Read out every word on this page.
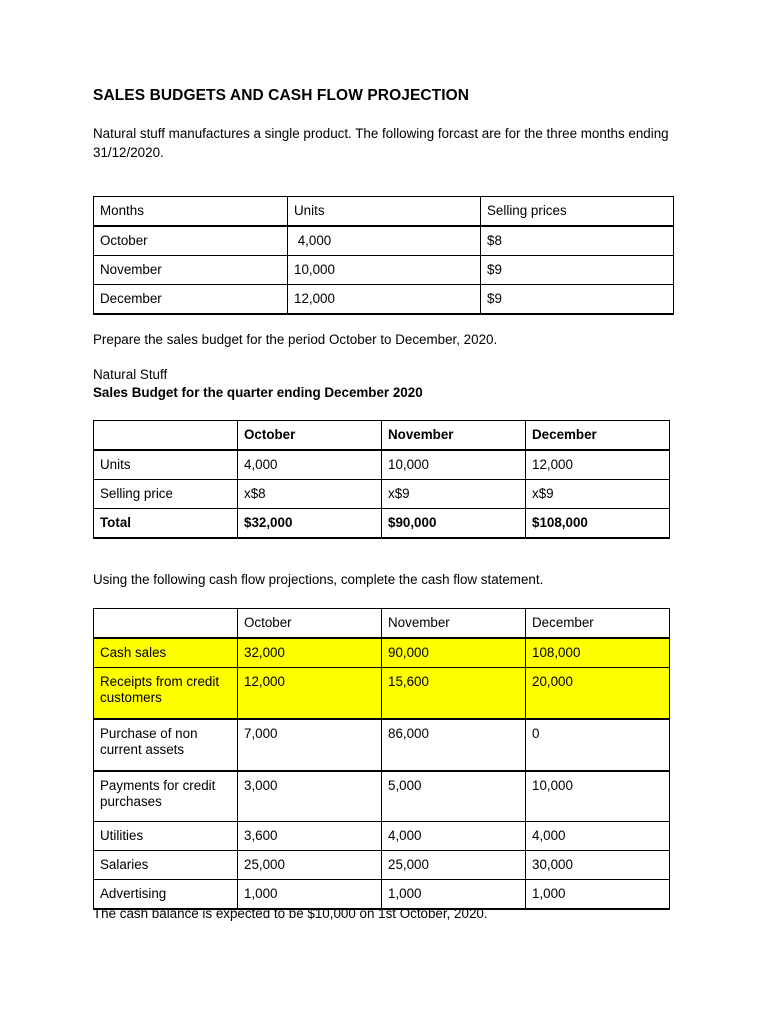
SALES BUDGETS AND CASH FLOW PROJECTION
Natural stuff manufactures a single product. The following forcast are for the three months ending 31/12/2020.
Months	Units	Selling prices
October	4,000	$8
November	10,000	$9
December	12,000	$9
Prepare the sales budget for the period October to December, 2020.
Natural Stuff
Sales Budget for the quarter ending December 2020
	October	November	December
Units	4,000	10,000	12,000
Selling price	x$8	x$9	x$9
Total	$32,000	$90,000	$108,000
Using the following cash flow projections, complete the cash flow statement.
	October	November	December
Cash sales	32,000	90,000	108,000
Receipts from credit customers	12,000	15,600	20,000
Purchase of non current assets	7,000	86,000	0
Payments for credit purchases	3,000	5,000	10,000
Utilities	3,600	4,000	4,000
Salaries	25,000	25,000	30,000
Advertising	1,000	1,000	1,000
The cash balance is expected to be $10,000 on 1st October, 2020.
